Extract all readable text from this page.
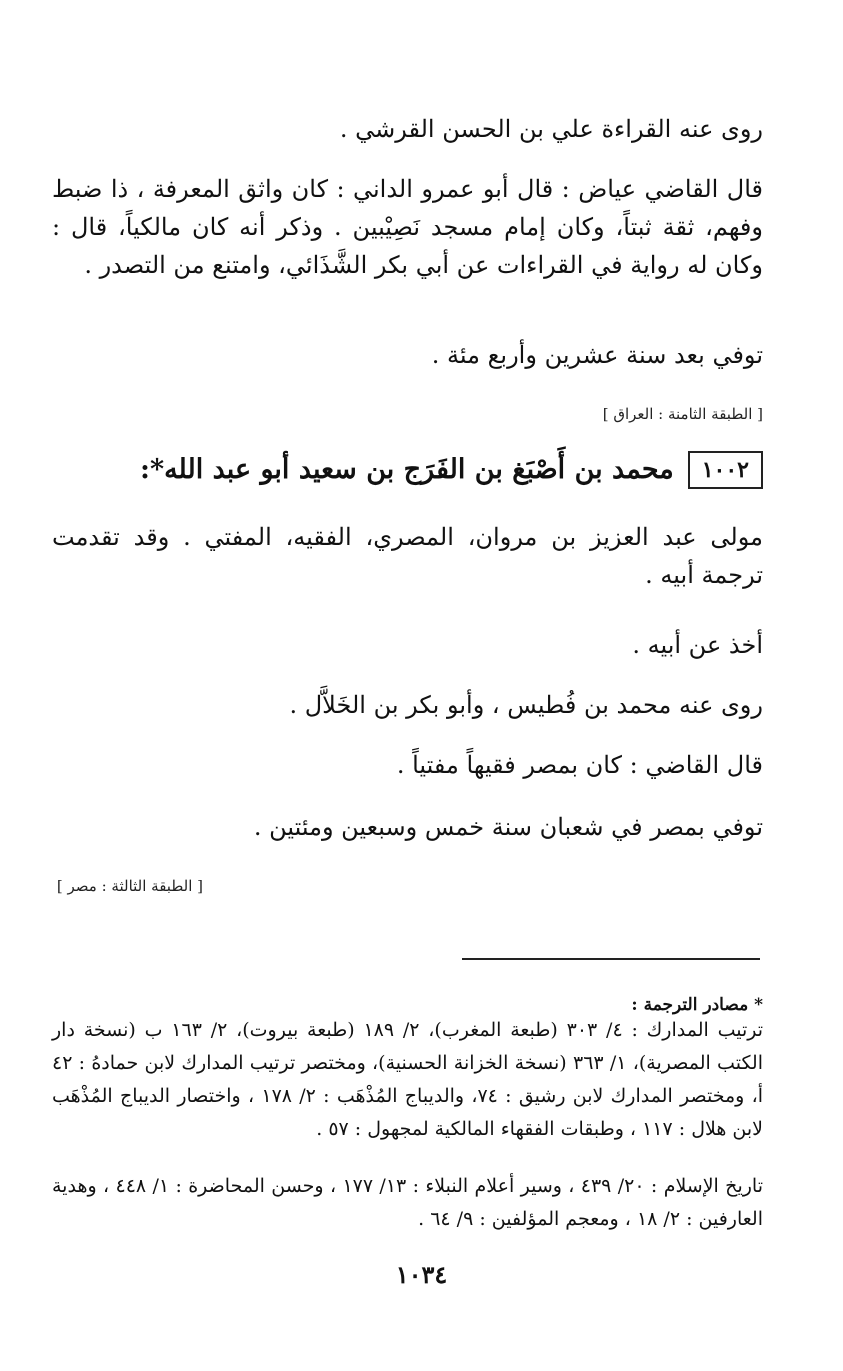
روى عنه القراءة علي بن الحسن القرشي .

قال القاضي عياض : قال أبو عمرو الداني : كان واثق المعرفة ، ذا ضبط وفهم، ثقة ثبتاً، وكان إمام مسجد نَصِيْبين . وذكر أنه كان مالكياً، قال : وكان له رواية في القراءات عن أبي بكر الشَّذَائي، وامتنع من التصدر .

توفي بعد سنة عشرين وأربع مئة .

[ الطبقة الثامنة : العراق ]
١٠٠٢
محمد بن أَصْبَغ بن الفَرَج بن سعيد أبو عبد الله*:

مولى عبد العزيز بن مروان، المصري، الفقيه، المفتي . وقد تقدمت ترجمة أبيه .

أخذ عن أبيه .

روى عنه محمد بن فُطيس ، وأبو بكر بن الخَلاَّل .

قال القاضي : كان بمصر فقيهاً مفتياً .

توفي بمصر في شعبان سنة خمس وسبعين ومئتين .

[ الطبقة الثالثة : مصر ]
* مصادر الترجمة :

ترتيب المدارك : ٤/ ٣٠٣ (طبعة المغرب)، ٢/ ١٨٩ (طبعة بيروت)، ٢/ ١٦٣ ب (نسخة دار الكتب المصرية)، ١/ ٣٦٣ (نسخة الخزانة الحسنية)، ومختصر ترتيب المدارك لابن حمادهُ : ٤٢ أ، ومختصر المدارك لابن رشيق : ٧٤، والديباج المُذْهَب : ٢/ ١٧٨ ، واختصار الديباج المُذْهَب لابن هلال : ١١٧ ، وطبقات الفقهاء المالكية لمجهول : ٥٧ .

تاريخ الإسلام : ٢٠/ ٤٣٩ ، وسير أعلام النبلاء : ١٣/ ١٧٧ ، وحسن المحاضرة : ١/ ٤٤٨ ، وهدية العارفين : ٢/ ١٨ ، ومعجم المؤلفين : ٩/ ٦٤ .

١٠٣٤
